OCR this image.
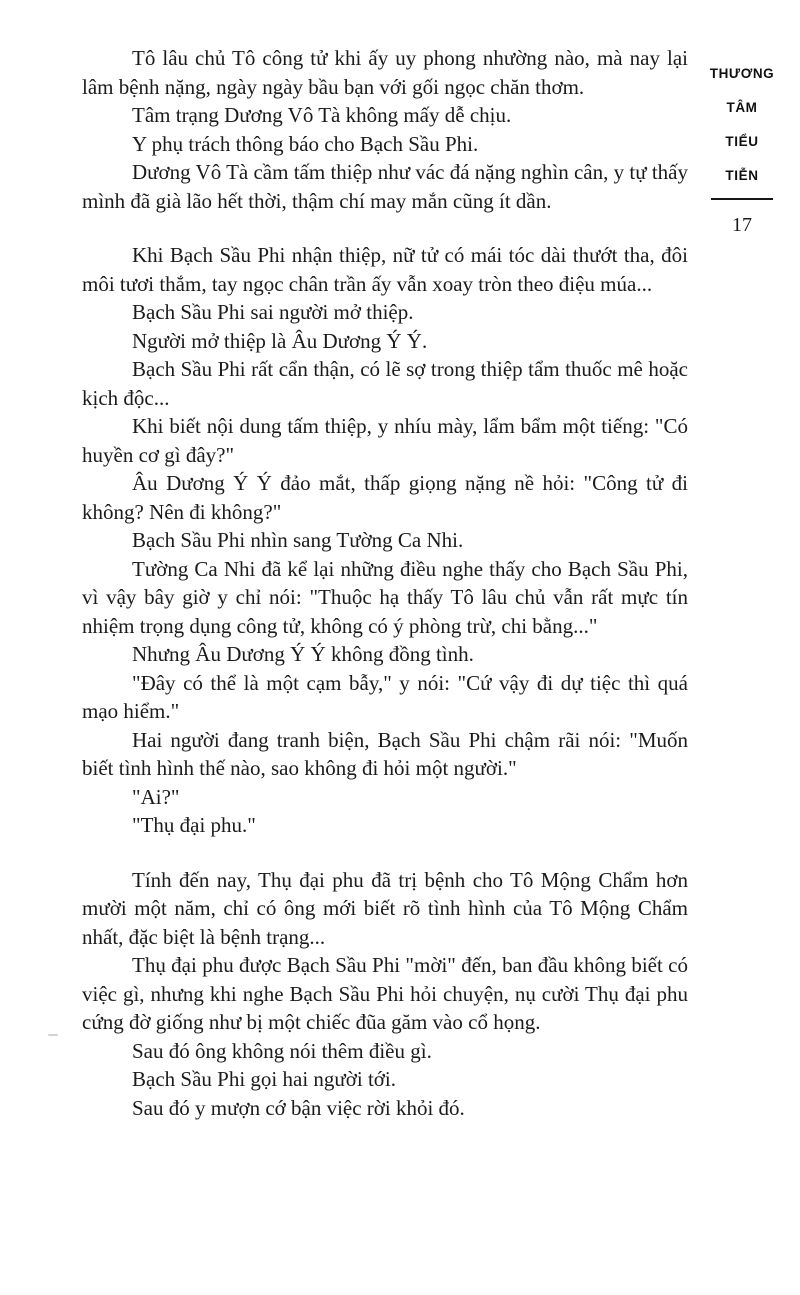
Tô lâu chủ Tô công tử khi ấy uy phong nhường nào, mà nay lại lâm bệnh nặng, ngày ngày bầu bạn với gối ngọc chăn thơm.

Tâm trạng Dương Vô Tà không mấy dễ chịu.

Y phụ trách thông báo cho Bạch Sầu Phi.

Dương Vô Tà cầm tấm thiệp như vác đá nặng nghìn cân, y tự thấy mình đã già lão hết thời, thậm chí may mắn cũng ít dần.

Khi Bạch Sầu Phi nhận thiệp, nữ tử có mái tóc dài thướt tha, đôi môi tươi thắm, tay ngọc chân trần ấy vẫn xoay tròn theo điệu múa...

Bạch Sầu Phi sai người mở thiệp.

Người mở thiệp là Âu Dương Ý Ý.

Bạch Sầu Phi rất cẩn thận, có lẽ sợ trong thiệp tẩm thuốc mê hoặc kịch độc...

Khi biết nội dung tấm thiệp, y nhíu mày, lẩm bẩm một tiếng: "Có huyền cơ gì đây?"

Âu Dương Ý Ý đảo mắt, thấp giọng nặng nề hỏi: "Công tử đi không? Nên đi không?"

Bạch Sầu Phi nhìn sang Tường Ca Nhi.

Tường Ca Nhi đã kể lại những điều nghe thấy cho Bạch Sầu Phi, vì vậy bây giờ y chỉ nói: "Thuộc hạ thấy Tô lâu chủ vẫn rất mực tín nhiệm trọng dụng công tử, không có ý phòng trừ, chi bằng..."

Nhưng Âu Dương Ý Ý không đồng tình.

"Đây có thể là một cạm bẫy," y nói: "Cứ vậy đi dự tiệc thì quá mạo hiểm."

Hai người đang tranh biện, Bạch Sầu Phi chậm rãi nói: "Muốn biết tình hình thế nào, sao không đi hỏi một người."

"Ai?"

"Thụ đại phu."

Tính đến nay, Thụ đại phu đã trị bệnh cho Tô Mộng Chẩm hơn mười một năm, chỉ có ông mới biết rõ tình hình của Tô Mộng Chẩm nhất, đặc biệt là bệnh trạng...

Thụ đại phu được Bạch Sầu Phi "mời" đến, ban đầu không biết có việc gì, nhưng khi nghe Bạch Sầu Phi hỏi chuyện, nụ cười Thụ đại phu cứng đờ giống như bị một chiếc đũa găm vào cổ họng.

Sau đó ông không nói thêm điều gì.

Bạch Sầu Phi gọi hai người tới.

Sau đó y mượn cớ bận việc rời khỏi đó.

THƯƠNG
TÂM
TIỂU
TIỄN
17
